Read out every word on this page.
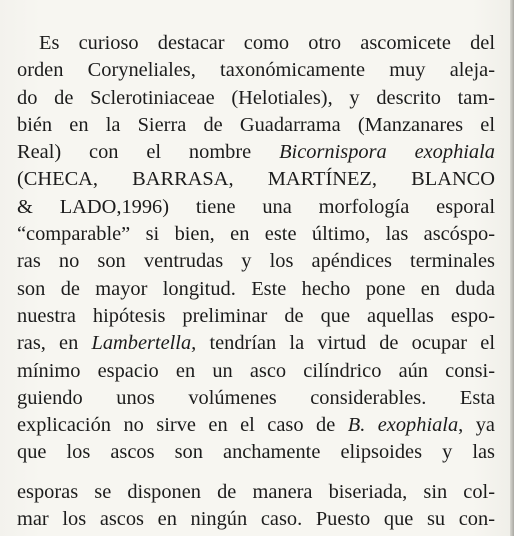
Es curioso destacar como otro ascomicete del
orden Coryneliales, taxonómicamente muy aleja-
do de Sclerotiniaceae (Helotiales), y descrito tam-
bién en la Sierra de Guadarrama (Manzanares el
Real) con el nombre Bicornispora exophiala
(CHECA, BARRASA, MARTÍNEZ, BLANCO
& LADO,1996) tiene una morfología esporal
“comparable” si bien, en este último, las ascóspo-
ras no son ventrudas y los apéndices terminales
son de mayor longitud. Este hecho pone en duda
nuestra hipótesis preliminar de que aquellas espo-
ras, en Lambertella, tendrían la virtud de ocupar el
mínimo espacio en un asco cilíndrico aún consi-
guiendo unos volúmenes considerables. Esta
explicación no sirve en el caso de B. exophiala, ya
que los ascos son anchamente elipsoides y las
esporas se disponen de manera biseriada, sin col-
mar los ascos en ningún caso. Puesto que su con-
